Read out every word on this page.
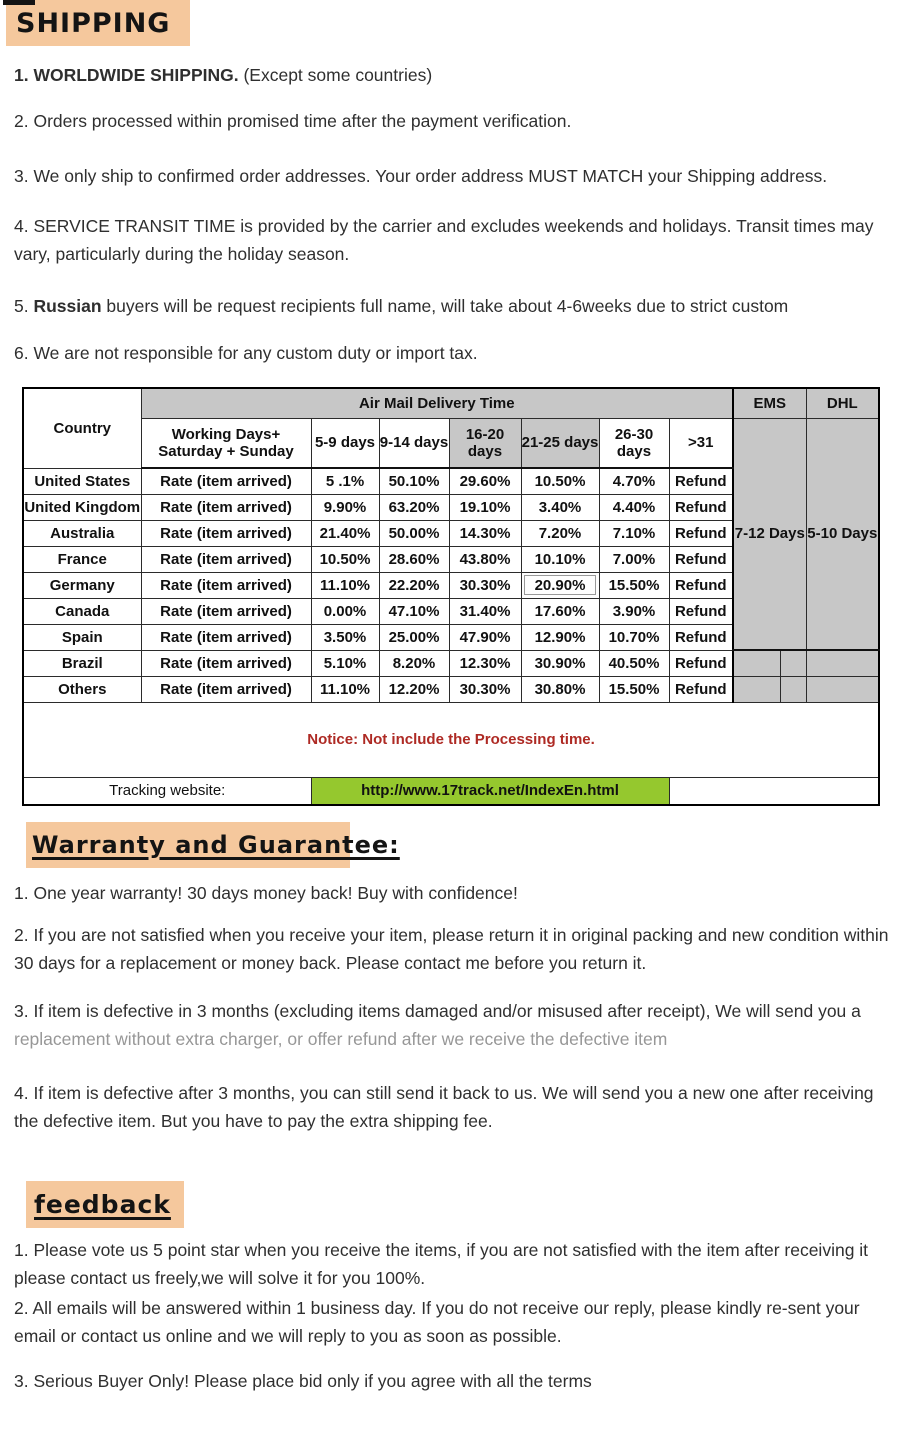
SHIPPING

1. WORLDWIDE SHIPPING. (Except some countries)

2. Orders processed within promised time after the payment verification.

3. We only ship to confirmed order addresses. Your order address MUST MATCH your Shipping address.

4. SERVICE TRANSIT TIME is provided by the carrier and excludes weekends and holidays. Transit times may vary, particularly during the holiday season.

5. Russian buyers will be request recipients full name, will take about 4-6weeks due to strict custom

6. We are not responsible for any custom duty or import tax.

Country	Air Mail Delivery Time							EMS	DHL
	Working Days+ Saturday + Sunday	5-9 days	9-14 days	16-20 days	21-25 days	26-30 days	>31	7-12 Days	5-10 Days
United States	Rate (item arrived)	5 .1%	50.10%	29.60%	10.50%	4.70%	Refund		
United Kingdom	Rate (item arrived)	9.90%	63.20%	19.10%	3.40%	4.40%	Refund		
Australia	Rate (item arrived)	21.40%	50.00%	14.30%	7.20%	7.10%	Refund		
France	Rate (item arrived)	10.50%	28.60%	43.80%	10.10%	7.00%	Refund		
Germany	Rate (item arrived)	11.10%	22.20%	30.30%	20.90%	15.50%	Refund		
Canada	Rate (item arrived)	0.00%	47.10%	31.40%	17.60%	3.90%	Refund		
Spain	Rate (item arrived)	3.50%	25.00%	47.90%	12.90%	10.70%	Refund		
Brazil	Rate (item arrived)	5.10%	8.20%	12.30%	30.90%	40.50%	Refund		
Others	Rate (item arrived)	11.10%	12.20%	30.30%	30.80%	15.50%	Refund		
Notice: Not include the Processing time.									
Tracking website:		http://www.17track.net/IndexEn.html							
Warranty and Guarantee:

1. One year warranty! 30 days money back! Buy with confidence!

2. If you are not satisfied when you receive your item, please return it in original packing and new condition within 30 days for a replacement or money back. Please contact me before you return it.

3. If item is defective in 3 months (excluding items damaged and/or misused after receipt), We will send you a replacement without extra charger, or offer refund after we receive the defective item

4. If item is defective after 3 months, you can still send it back to us. We will send you a new one after receiving the defective item. But you have to pay the extra shipping fee.

feedback

1. Please vote us 5 point star when you receive the items, if you are not satisfied with the item after receiving it please contact us freely,we will solve it for you 100%.

2. All emails will be answered within 1 business day. If you do not receive our reply, please kindly re-sent your email or contact us online and we will reply to you as soon as possible.

3. Serious Buyer Only! Please place bid only if you agree with all the terms
